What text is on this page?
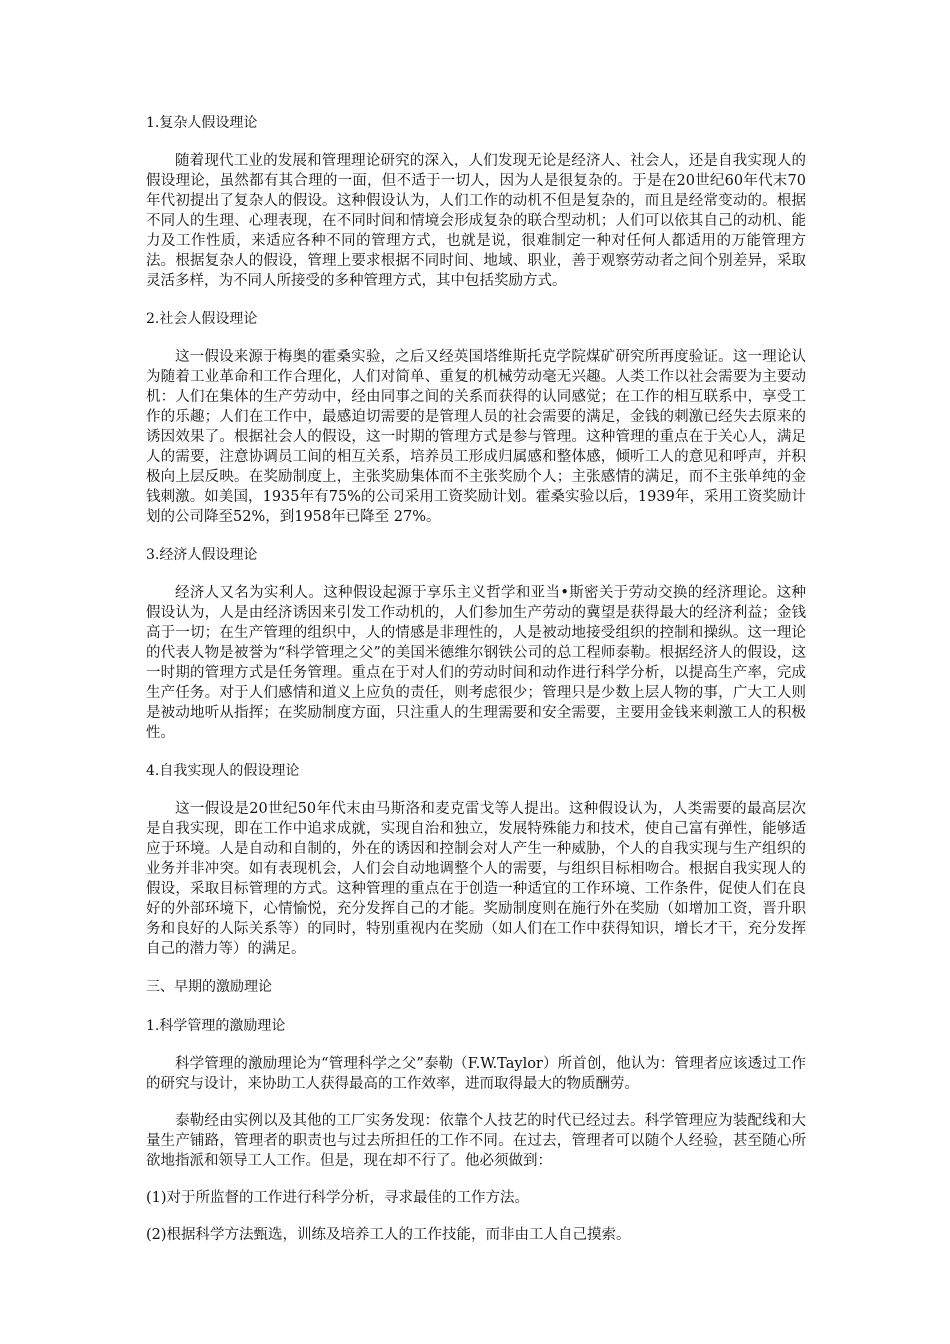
1.复杂人假设理论
随着现代工业的发展和管理理论研究的深入，人们发现无论是经济人、社会人，还是自我实现人的假设理论，虽然都有其合理的一面，但不适于一切人，因为人是很复杂的。于是在20世纪60年代末70年代初提出了复杂人的假设。这种假设认为，人们工作的动机不但是复杂的，而且是经常变动的。根据不同人的生理、心理表现，在不同时间和情境会形成复杂的联合型动机；人们可以依其自己的动机、能力及工作性质，来适应各种不同的管理方式，也就是说，很难制定一种对任何人都适用的万能管理方法。根据复杂人的假设，管理上要求根据不同时间、地域、职业，善于观察劳动者之间个别差异，采取灵活多样，为不同人所接受的多种管理方式，其中包括奖励方式。
2.社会人假设理论
这一假设来源于梅奥的霍桑实验，之后又经英国塔维斯托克学院煤矿研究所再度验证。这一理论认为随着工业革命和工作合理化，人们对简单、重复的机械劳动毫无兴趣。人类工作以社会需要为主要动机：人们在集体的生产劳动中，经由同事之间的关系而获得的认同感觉；在工作的相互联系中，享受工作的乐趣；人们在工作中，最感迫切需要的是管理人员的社会需要的满足，金钱的刺激已经失去原来的诱因效果了。根据社会人的假设，这一时期的管理方式是参与管理。这种管理的重点在于关心人，满足人的需要，注意协调员工间的相互关系，培养员工形成归属感和整体感，倾听工人的意见和呼声，并积极向上层反映。在奖励制度上，主张奖励集体而不主张奖励个人；主张感情的满足，而不主张单纯的金钱刺激。如美国，1935年有75%的公司采用工资奖励计划。霍桑实验以后，1939年，采用工资奖励计划的公司降至52%，到1958年已降至 27%。
3.经济人假设理论
经济人又名为实利人。这种假设起源于享乐主义哲学和亚当•斯密关于劳动交换的经济理论。这种假设认为，人是由经济诱因来引发工作动机的，人们参加生产劳动的冀望是获得最大的经济利益；金钱高于一切；在生产管理的组织中，人的情感是非理性的，人是被动地接受组织的控制和操纵。这一理论的代表人物是被誉为“科学管理之父”的美国米德维尔钢铁公司的总工程师泰勒。根据经济人的假设，这一时期的管理方式是任务管理。重点在于对人们的劳动时间和动作进行科学分析，以提高生产率，完成生产任务。对于人们感情和道义上应负的责任，则考虑很少；管理只是少数上层人物的事，广大工人则是被动地听从指挥；在奖励制度方面，只注重人的生理需要和安全需要，主要用金钱来刺激工人的积极性。
4.自我实现人的假设理论
这一假设是20世纪50年代末由马斯洛和麦克雷戈等人提出。这种假设认为，人类需要的最高层次是自我实现，即在工作中追求成就，实现自治和独立，发展特殊能力和技术，使自己富有弹性，能够适应于环境。人是自动和自制的，外在的诱因和控制会对人产生一种威胁，个人的自我实现与生产组织的业务并非冲突。如有表现机会，人们会自动地调整个人的需要，与组织目标相吻合。根据自我实现人的假设，采取目标管理的方式。这种管理的重点在于创造一种适宜的工作环境、工作条件，促使人们在良好的外部环境下，心情愉悦，充分发挥自己的才能。奖励制度则在施行外在奖励（如增加工资，晋升职务和良好的人际关系等）的同时，特别重视内在奖励（如人们在工作中获得知识，增长才干，充分发挥自己的潜力等）的满足。
三、早期的激励理论
1.科学管理的激励理论
科学管理的激励理论为“管理科学之父”泰勒（F.W.Taylor）所首创，他认为：管理者应该透过工作的研究与设计，来协助工人获得最高的工作效率，进而取得最大的物质酬劳。
泰勒经由实例以及其他的工厂实务发现：依靠个人技艺的时代已经过去。科学管理应为装配线和大量生产铺路，管理者的职责也与过去所担任的工作不同。在过去，管理者可以随个人经验，甚至随心所欲地指派和领导工人工作。但是，现在却不行了。他必须做到：
(1)对于所监督的工作进行科学分析，寻求最佳的工作方法。
(2)根据科学方法甄选，训练及培养工人的工作技能，而非由工人自己摸索。
